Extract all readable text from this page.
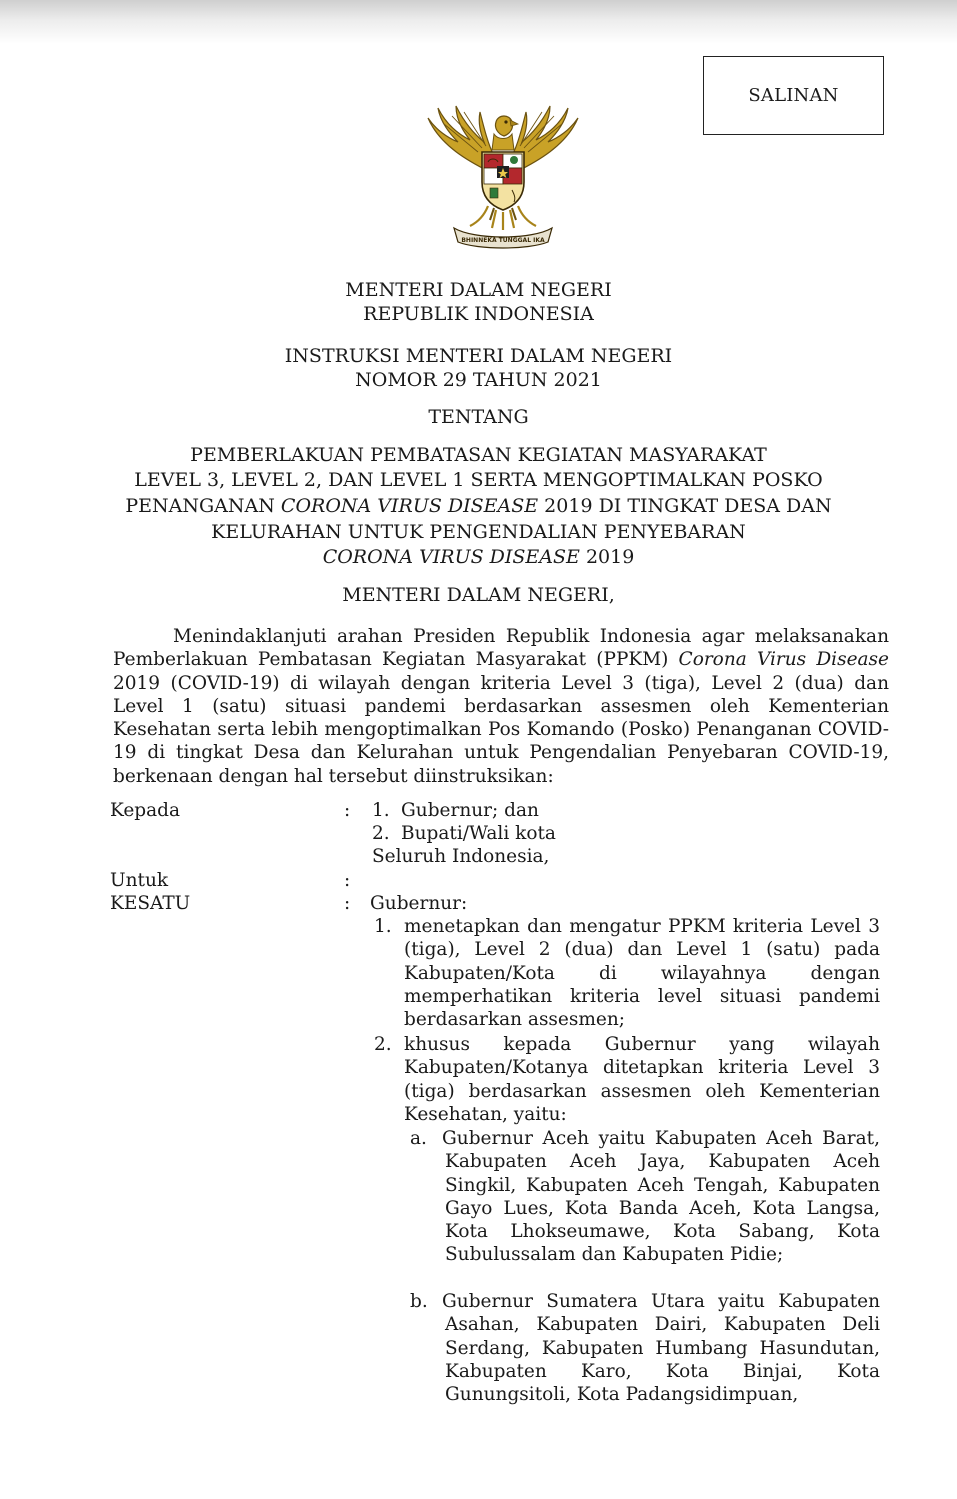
SALINAN
BHINNEKA TUNGGAL IKA
MENTERI DALAM NEGERI
REPUBLIK INDONESIA
INSTRUKSI MENTERI DALAM NEGERI
NOMOR 29 TAHUN 2021
TENTANG
PEMBERLAKUAN PEMBATASAN KEGIATAN MASYARAKAT
LEVEL 3, LEVEL 2, DAN LEVEL 1 SERTA MENGOPTIMALKAN POSKO
PENANGANAN CORONA VIRUS DISEASE 2019 DI TINGKAT DESA DAN
KELURAHAN UNTUK PENGENDALIAN PENYEBARAN
CORONA VIRUS DISEASE 2019
MENTERI DALAM NEGERI,

Menindaklanjuti arahan Presiden Republik Indonesia agar melaksanakan Pemberlakuan Pembatasan Kegiatan Masyarakat (PPKM) Corona Virus Disease 2019 (COVID-19) di wilayah dengan kriteria Level 3 (tiga), Level 2 (dua) dan Level 1 (satu) situasi pandemi berdasarkan assesmen oleh Kementerian Kesehatan serta lebih mengoptimalkan Pos Komando (Posko) Penanganan COVID-19 di tingkat Desa dan Kelurahan untuk Pengendalian Penyebaran COVID-19, berkenaan dengan hal tersebut diinstruksikan:

Kepada	: 1. Gubernur; dan
2. Bupati/Wali kota
Seluruh Indonesia,
Untuk	:
KESATU	: Gubernur:
1. menetapkan dan mengatur PPKM kriteria Level 3 (tiga), Level 2 (dua) dan Level 1 (satu) pada Kabupaten/Kota di wilayahnya dengan memperhatikan kriteria level situasi pandemi berdasarkan assesmen;
2. khusus kepada Gubernur yang wilayah Kabupaten/Kotanya ditetapkan kriteria Level 3 (tiga) berdasarkan assesmen oleh Kementerian Kesehatan, yaitu:
a. Gubernur Aceh yaitu Kabupaten Aceh Barat, Kabupaten Aceh Jaya, Kabupaten Aceh Singkil, Kabupaten Aceh Tengah, Kabupaten Gayo Lues, Kota Banda Aceh, Kota Langsa, Kota Lhokseumawe, Kota Sabang, Kota Subulussalam dan Kabupaten Pidie;
b. Gubernur Sumatera Utara yaitu Kabupaten Asahan, Kabupaten Dairi, Kabupaten Deli Serdang, Kabupaten Humbang Hasundutan, Kabupaten Karo, Kota Binjai, Kota Gunungsitoli, Kota Padangsidimpuan,
